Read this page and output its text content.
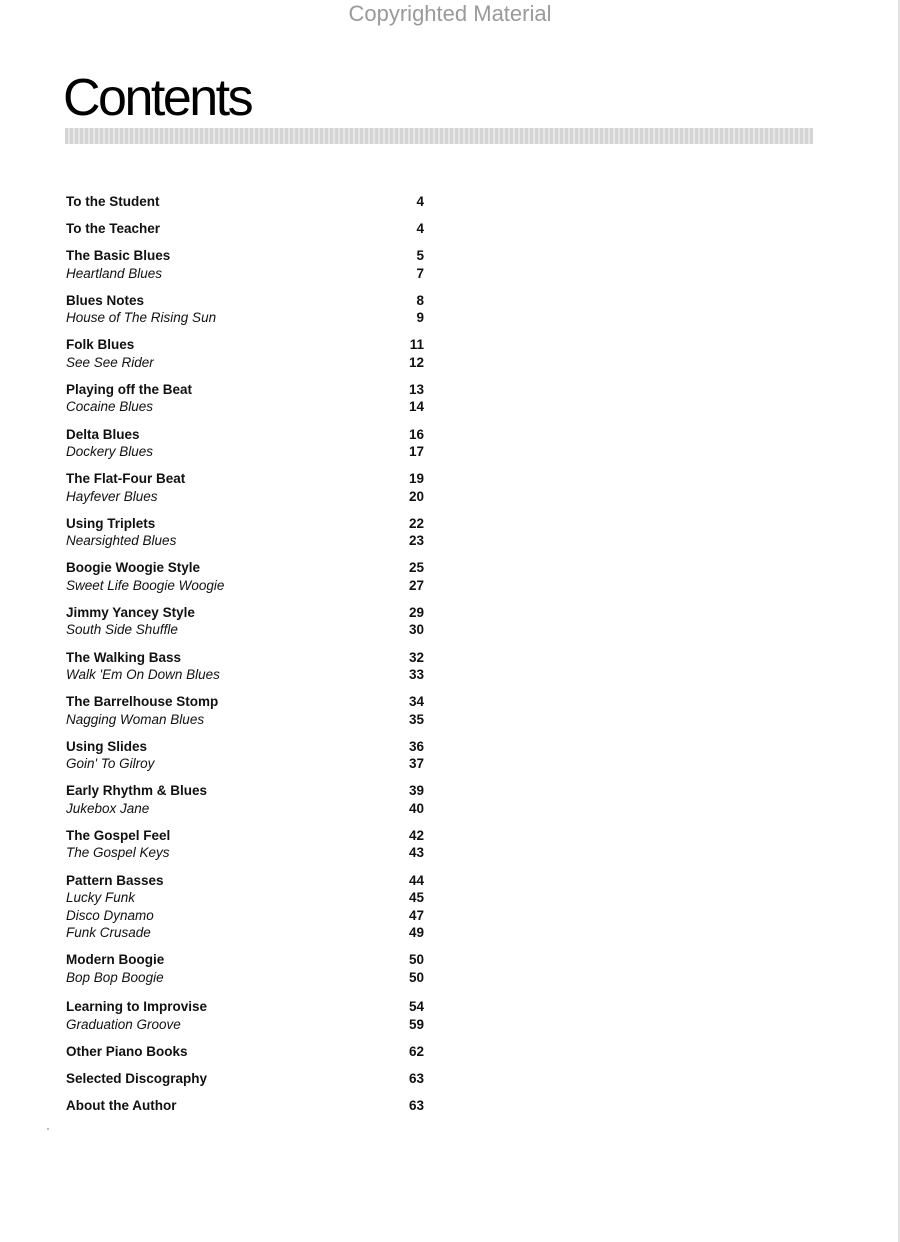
Copyrighted Material
Contents
To the Student	4
To the Teacher	4
The Basic Blues	5
Heartland Blues	7
Blues Notes	8
House of The Rising Sun	9
Folk Blues	11
See See Rider	12
Playing off the Beat	13
Cocaine Blues	14
Delta Blues	16
Dockery Blues	17
The Flat-Four Beat	19
Hayfever Blues	20
Using Triplets	22
Nearsighted Blues	23
Boogie Woogie Style	25
Sweet Life Boogie Woogie	27
Jimmy Yancey Style	29
South Side Shuffle	30
The Walking Bass	32
Walk 'Em On Down Blues	33
The Barrelhouse Stomp	34
Nagging Woman Blues	35
Using Slides	36
Goin' To Gilroy	37
Early Rhythm & Blues	39
Jukebox Jane	40
The Gospel Feel	42
The Gospel Keys	43
Pattern Basses	44
Lucky Funk	45
Disco Dynamo	47
Funk Crusade	49
Modern Boogie	50
Bop Bop Boogie	50
Learning to Improvise	54
Graduation Groove	59
Other Piano Books	62
Selected Discography	63
About the Author	63
